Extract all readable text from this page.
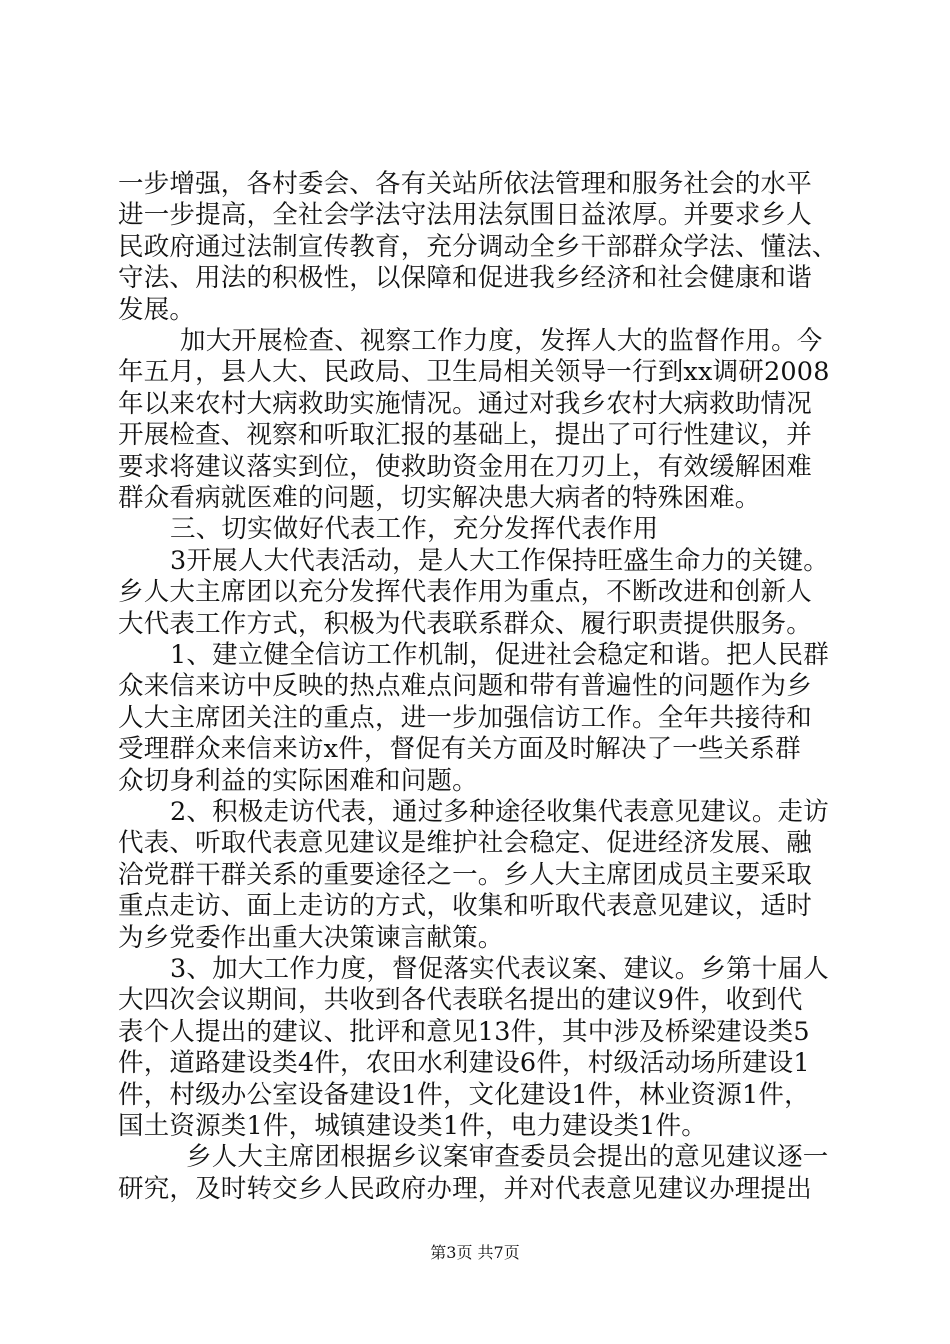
一步增强，各村委会、各有关站所依法管理和服务社会的水平
进一步提高，全社会学法守法用法氛围日益浓厚。并要求乡人
民政府通过法制宣传教育，充分调动全乡干部群众学法、懂法、
守法、用法的积极性，以保障和促进我乡经济和社会健康和谐
发展。
加大开展检查、视察工作力度，发挥人大的监督作用。今
年五月，县人大、民政局、卫生局相关领导一行到xx调研2008
年以来农村大病救助实施情况。通过对我乡农村大病救助情况
开展检查、视察和听取汇报的基础上，提出了可行性建议，并
要求将建议落实到位，使救助资金用在刀刃上，有效缓解困难
群众看病就医难的问题，切实解决患大病者的特殊困难。
三、切实做好代表工作，充分发挥代表作用
3开展人大代表活动，是人大工作保持旺盛生命力的关键。
乡人大主席团以充分发挥代表作用为重点，不断改进和创新人
大代表工作方式，积极为代表联系群众、履行职责提供服务。
1、建立健全信访工作机制，促进社会稳定和谐。把人民群
众来信来访中反映的热点难点问题和带有普遍性的问题作为乡
人大主席团关注的重点，进一步加强信访工作。全年共接待和
受理群众来信来访x件，督促有关方面及时解决了一些关系群
众切身利益的实际困难和问题。
2、积极走访代表，通过多种途径收集代表意见建议。走访
代表、听取代表意见建议是维护社会稳定、促进经济发展、融
洽党群干群关系的重要途径之一。乡人大主席团成员主要采取
重点走访、面上走访的方式，收集和听取代表意见建议，适时
为乡党委作出重大决策谏言献策。
3、加大工作力度，督促落实代表议案、建议。乡第十届人
大四次会议期间，共收到各代表联名提出的建议9件，收到代
表个人提出的建议、批评和意见13件，其中涉及桥梁建设类5
件，道路建设类4件，农田水利建设6件，村级活动场所建设1
件，村级办公室设备建设1件，文化建设1件，林业资源1件，
国土资源类1件，城镇建设类1件，电力建设类1件。
乡人大主席团根据乡议案审查委员会提出的意见建议逐一
研究，及时转交乡人民政府办理，并对代表意见建议办理提出
第3页 共7页
